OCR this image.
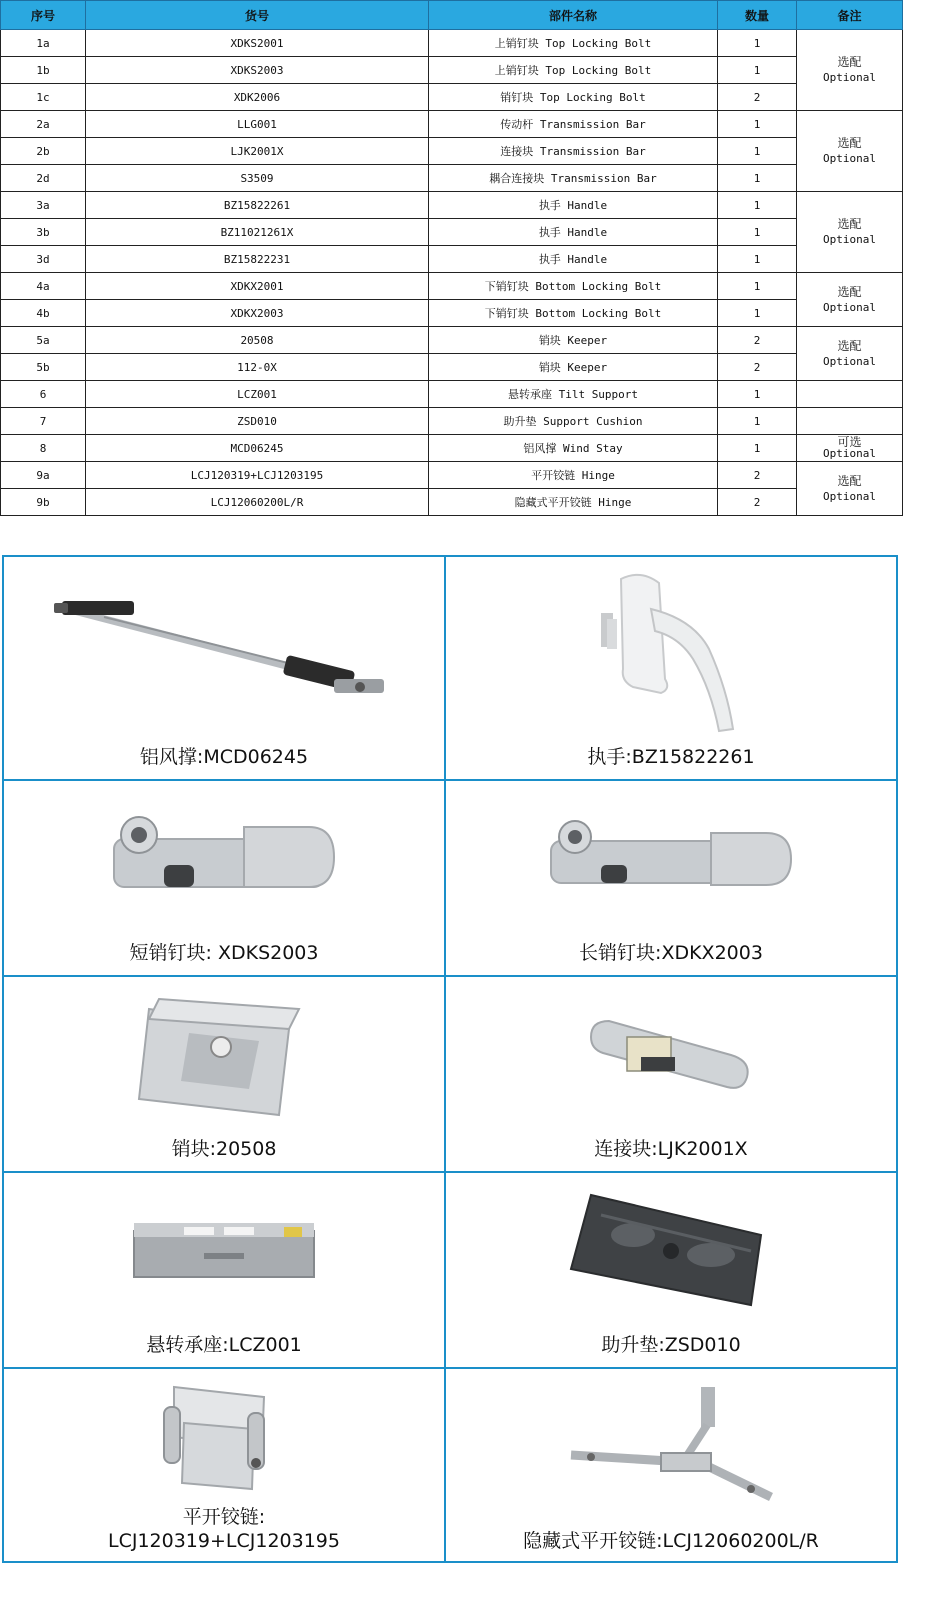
序号	货号	部件名称	数量	备注
1a	XDKS2001	上销钉块 Top Locking Bolt	1	选配
Optional

1b	XDKS2003	上销钉块 Top Locking Bolt	1	
1c	XDK2006	销钉块 Top Locking Bolt	2	
2a	LLG001	传动杆 Transmission Bar	1	选配
Optional

2b	LJK2001X	连接块 Transmission Bar	1	
2d	S3509	耦合连接块 Transmission Bar	1	
3a	BZ15822261	执手 Handle	1	选配
Optional

3b	BZ11021261X	执手 Handle	1	
3d	BZ15822231	执手 Handle	1	
4a	XDKX2001	下销钉块 Bottom Locking Bolt	1	选配
Optional

4b	XDKX2003	下销钉块 Bottom Locking Bolt	1	
5a	20508	销块 Keeper	2	选配
Optional

5b	112-0X	销块 Keeper	2	
6	LCZ001	悬转承座 Tilt Support	1	
7	ZSD010	助升垫 Support Cushion	1	
8	MCD06245	铝风撑 Wind Stay	1	可选
Optional

9a	LCJ120319+LCJ1203195	平开铰链 Hinge	2	选配
Optional

9b	LCJ12060200L/R	隐藏式平开铰链 Hinge	2	
铝风撑:MCD06245	执手:BZ15822261
短销钉块: XDKS2003	长销钉块:XDKX2003
销块:20508	连接块:LJK2001X
悬转承座:LCZ001	助升垫:ZSD010
平开铰链:
LCJ120319+LCJ1203195	隐藏式平开铰链:LCJ12060200L/R
